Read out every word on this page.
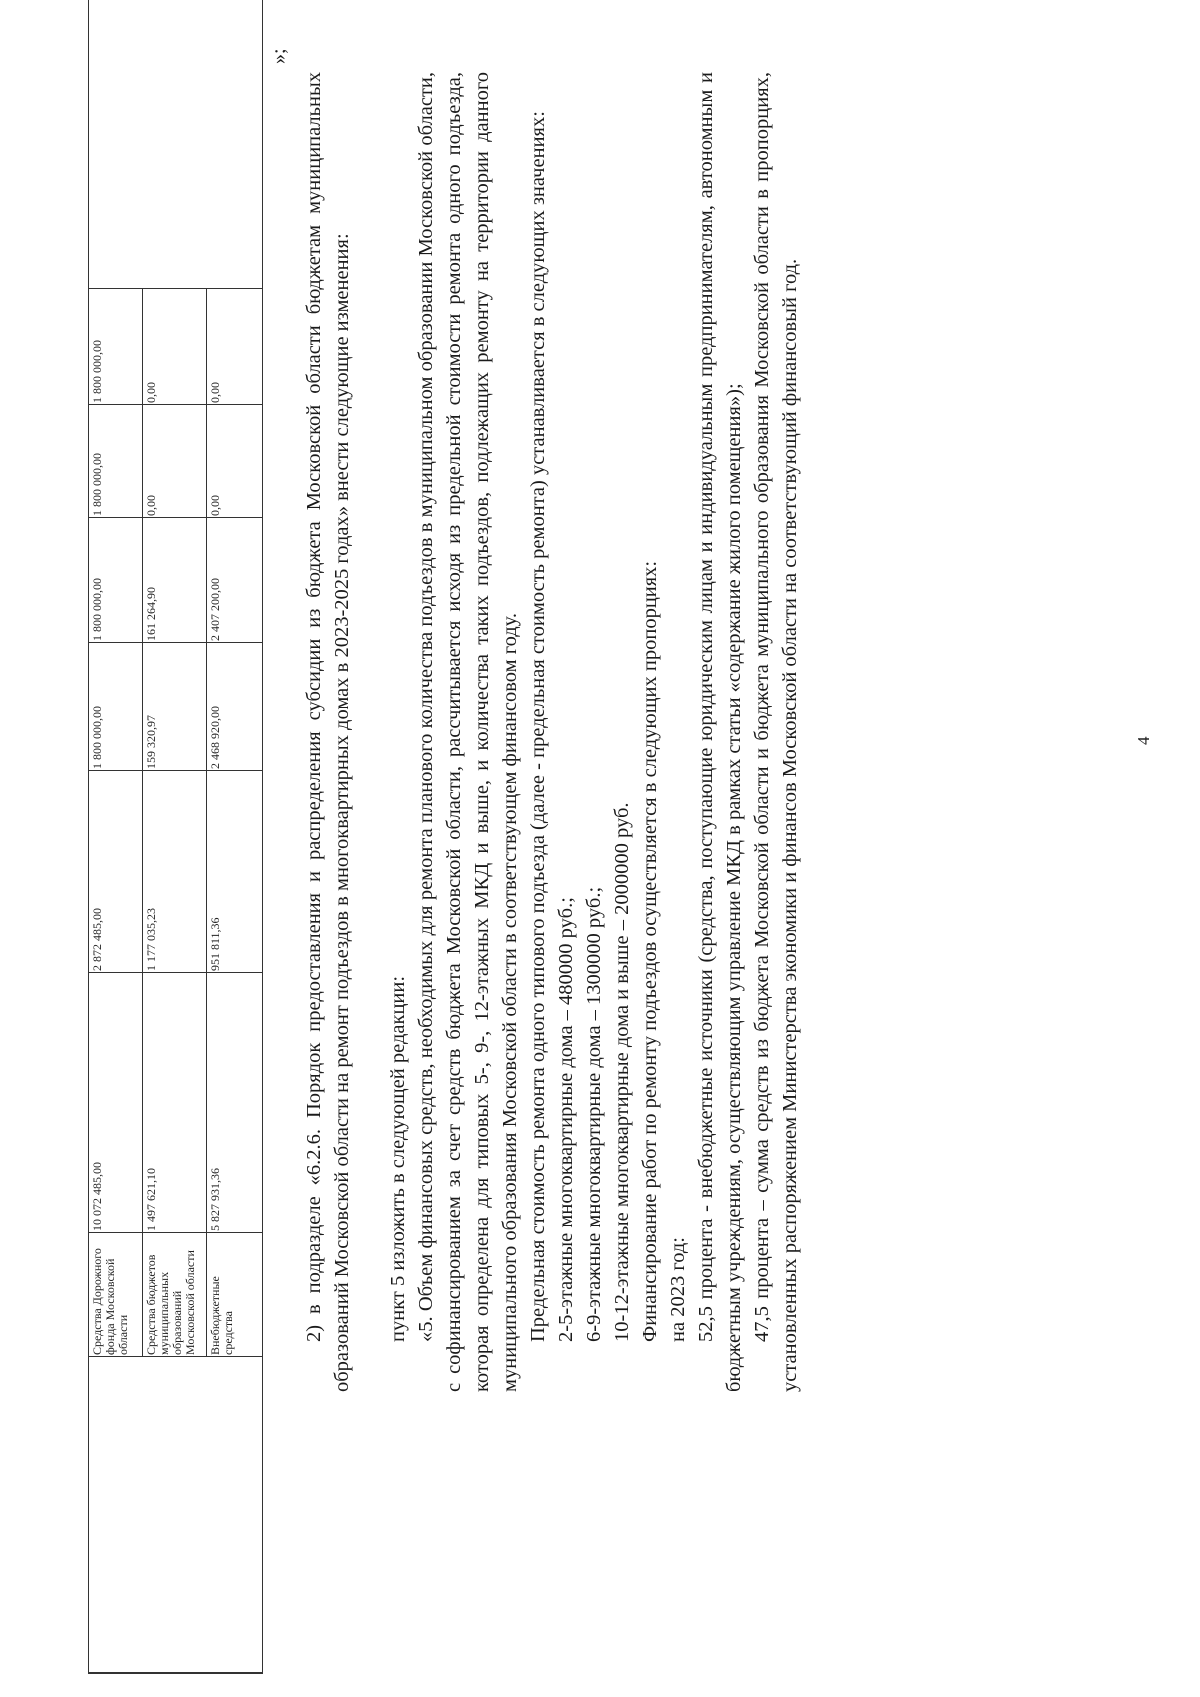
4
Средства Дорожного фонда Московской области
10 072 485,00
2 872 485,00
1 800 000,00
1 800 000,00
1 800 000,00
1 800 000,00
Средства бюджетов муниципальных образований Московской области
1 497 621,10
1 177 035,23
159 320,97
161 264,90
0,00
0,00
Внебюджетные средства
5 827 931,36
951 811,36
2 468 920,00
2 407 200,00
0,00
0,00
»;

2) в подразделе «6.2.6. Порядок предоставления и распределения субсидии из бюджета Московской области бюджетам муниципальных образований Московской области на ремонт подъездов в многоквартирных домах в 2023-2025 годах» внести следующие изменения: пункт 5 изложить в следующей редакции: «5. Объем финансовых средств, необходимых для ремонта планового количества подъездов в муниципальном образовании Московской области, с софинансированием за счет средств бюджета Московской области, рассчитывается исходя из предельной стоимости ремонта одного подъезда, которая определена для типовых 5-, 9-, 12-этажных МКД и выше, и количества таких подъездов, подлежащих ремонту на территории данного муниципального образования Московской области в соответствующем финансовом году. Предельная стоимость ремонта одного типового подъезда (далее - предельная стоимость ремонта) устанавливается в следующих значениях: 2-5-этажные многоквартирные дома – 480000 руб.; 6-9-этажные многоквартирные дома – 1300000 руб.; 10-12-этажные многоквартирные дома и выше – 2000000 руб. Финансирование работ по ремонту подъездов осуществляется в следующих пропорциях: на 2023 год: 52,5 процента - внебюджетные источники (средства, поступающие юридическим лицам и индивидуальным предпринимателям, автономным и бюджетным учреждениям, осуществляющим управление МКД в рамках статьи «содержание жилого помещения»); 47,5 процента – сумма средств из бюджета Московской области и бюджета муниципального образования Московской области в пропорциях, установленных распоряжением Министерства экономики и финансов Московской области на соответствующий финансовый год.
